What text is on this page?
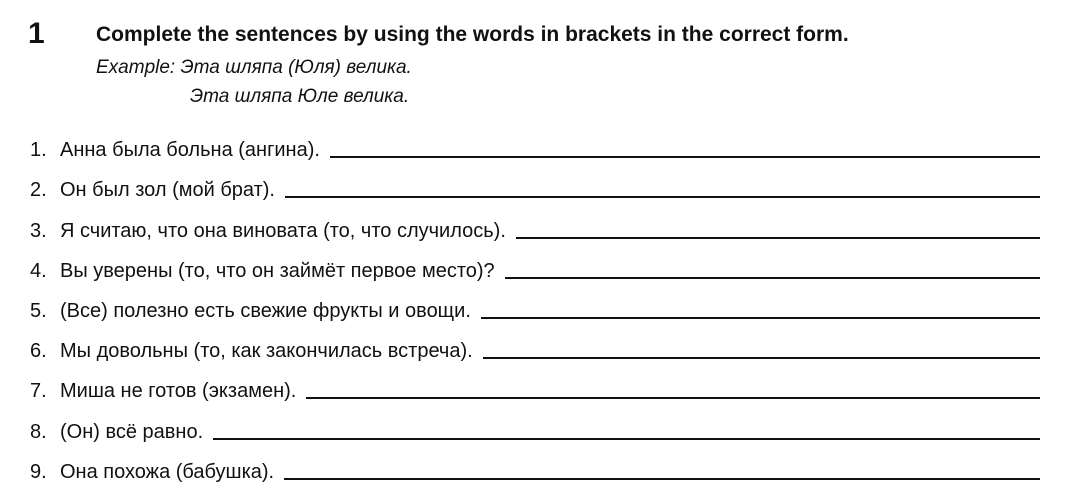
1 Complete the sentences by using the words in brackets in the correct form.
Example: Эта шляпа (Юля) велика.
Эта шляпа Юле велика.
1. Анна была больна (ангина).
2. Он был зол (мой брат).
3. Я считаю, что она виновата (то, что случилось).
4. Вы уверены (то, что он займёт первое место)?
5. (Все) полезно есть свежие фрукты и овощи.
6. Мы довольны (то, как закончилась встреча).
7. Миша не готов (экзамен).
8. (Он) всё равно.
9. Она похожа (бабушка).
